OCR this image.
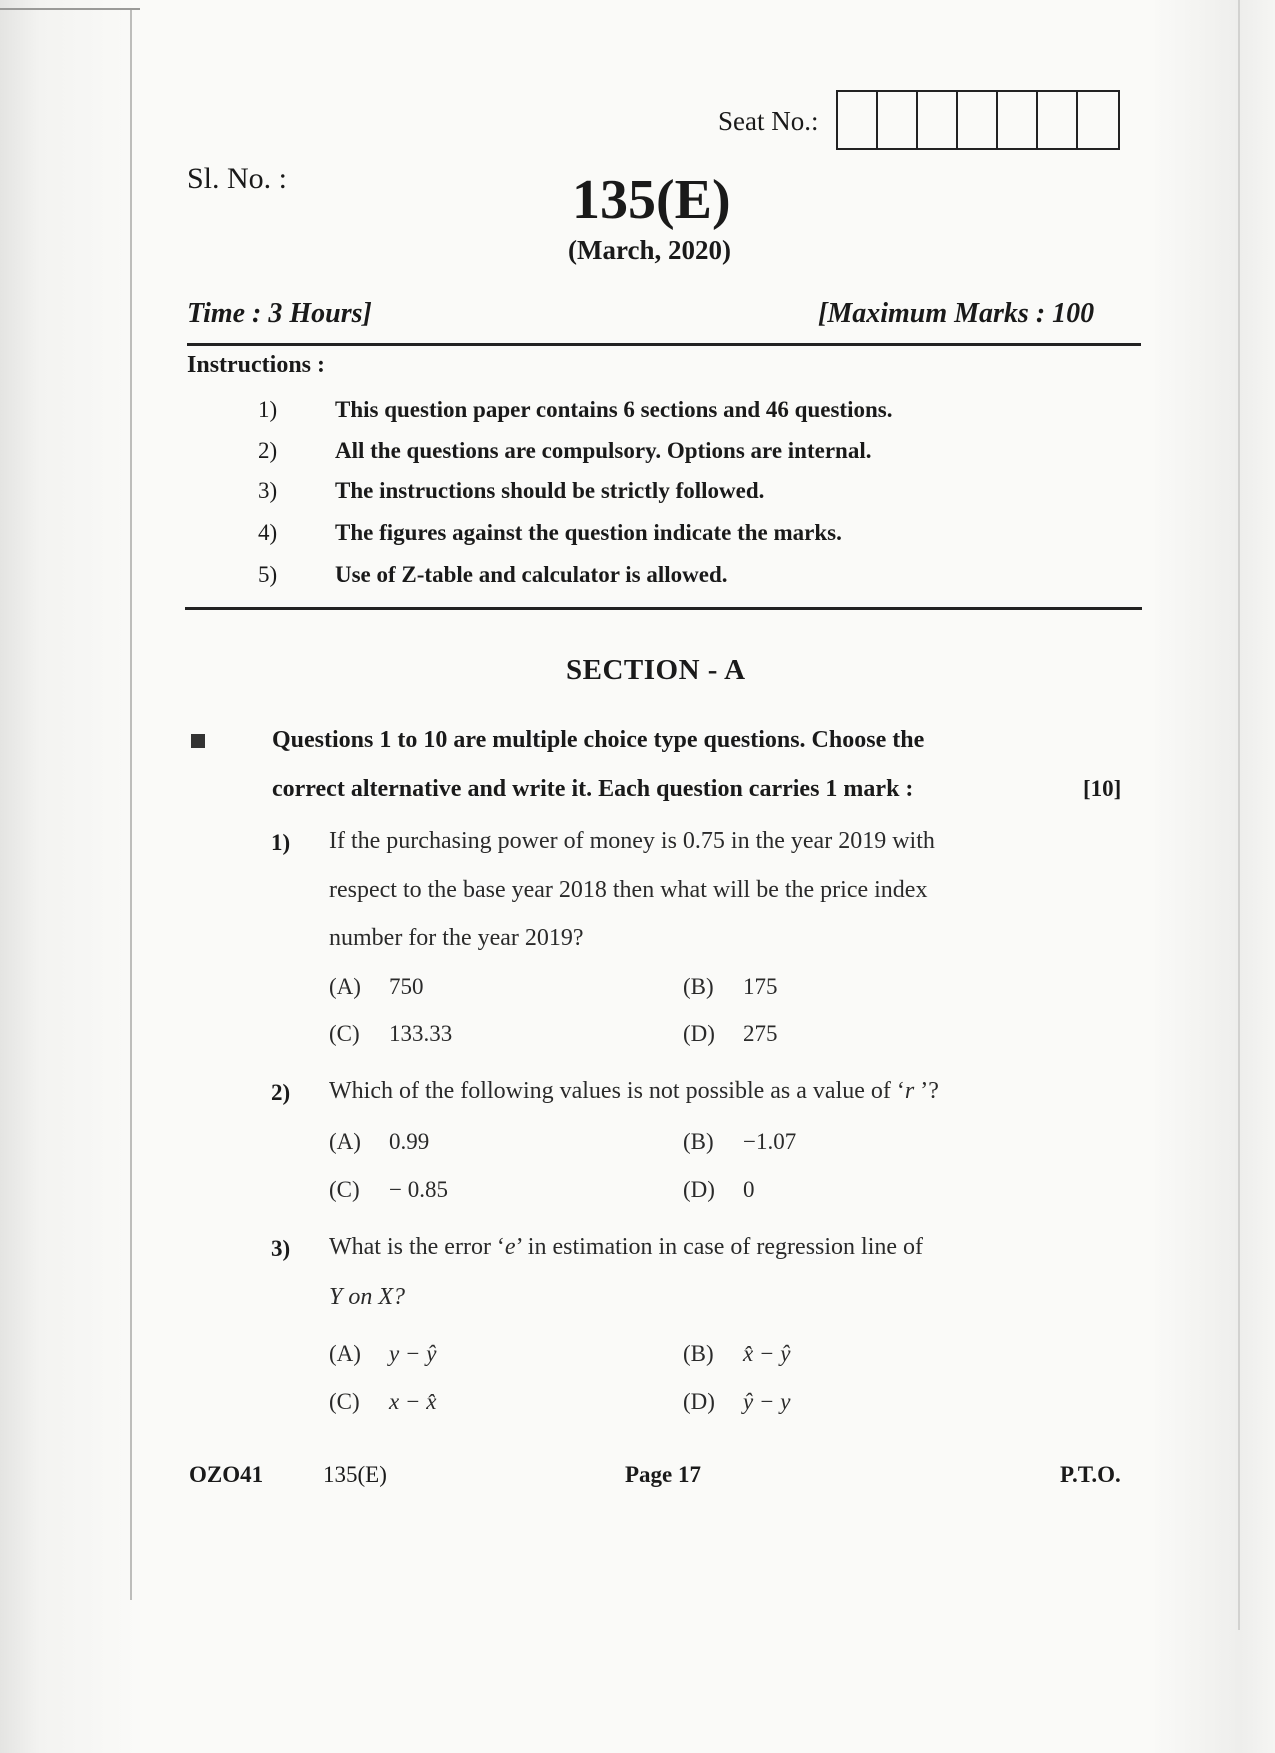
Seat No.:
Sl. No. :	135(E)
(March, 2020)
Time : 3 Hours]	[Maximum Marks : 100
Instructions :
1)	This question paper contains 6 sections and 46 questions.
2)	All the questions are compulsory. Options are internal.
3)	The instructions should be strictly followed.
4)	The figures against the question indicate the marks.
5)	Use of Z-table and calculator is allowed.
SECTION - A
Questions 1 to 10 are multiple choice type questions. Choose the
correct alternative and write it. Each question carries 1 mark :	[10]
1) If the purchasing power of money is 0.75 in the year 2019 with
respect to the base year 2018 then what will be the price index
number for the year 2019?
(A) 750	(B) 175
(C) 133.33	(D) 275
2) Which of the following values is not possible as a value of ‘r ’?
(A) 0.99	(B) −1.07
(C) − 0.85	(D) 0
3) What is the error ‘e’ in estimation in case of regression line of
Y on X?
(A) y − ŷ	(B) x̂ − ŷ
(C) x − x̂	(D) ŷ − y
OZO41	135(E)	Page 17	P.T.O.
